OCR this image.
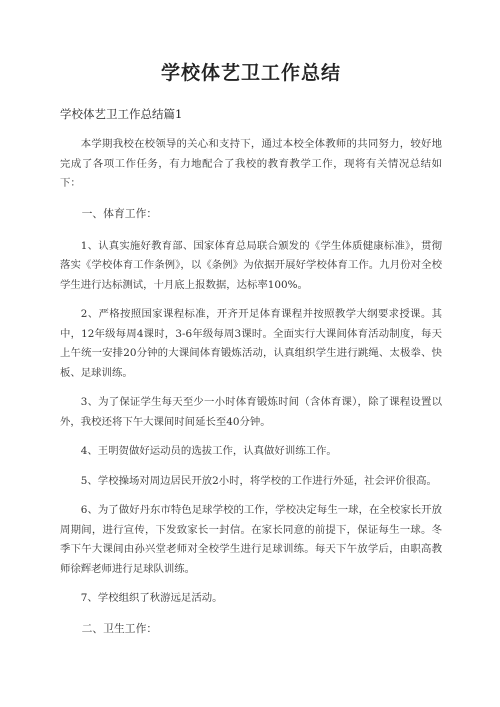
学校体艺卫工作总结
学校体艺卫工作总结篇1

本学期我校在校领导的关心和支持下，通过本校全体教师的共同努力，较好地完成了各项工作任务，有力地配合了我校的教育教学工作，现将有关情况总结如下：

一、体育工作：

1、认真实施好教育部、国家体育总局联合颁发的《学生体质健康标准》，贯彻落实《学校体育工作条例》，以《条例》为依据开展好学校体育工作。九月份对全校学生进行达标测试，十月底上报数据，达标率100%。

2、严格按照国家课程标准，开齐开足体育课程并按照教学大纲要求授课。其中，12年级每周4课时，3-6年级每周3课时。全面实行大课间体育活动制度，每天上午统一安排20分钟的大课间体育锻炼活动，认真组织学生进行跳绳、太极拳、快板、足球训练。

3、为了保证学生每天至少一小时体育锻炼时间（含体育课），除了课程设置以外，我校还将下午大课间时间延长至40分钟。

4、王明贺做好运动员的选拔工作，认真做好训练工作。

5、学校操场对周边居民开放2小时，将学校的工作进行外延，社会评价很高。

6、为了做好丹东市特色足球学校的工作，学校决定每生一球，在全校家长开放周期间，进行宣传，下发致家长一封信。在家长同意的前提下，保证每生一球。冬季下午大课间由孙兴堂老师对全校学生进行足球训练。每天下午放学后，由职高教师徐辉老师进行足球队训练。

7、学校组织了秋游远足活动。

二、卫生工作：
